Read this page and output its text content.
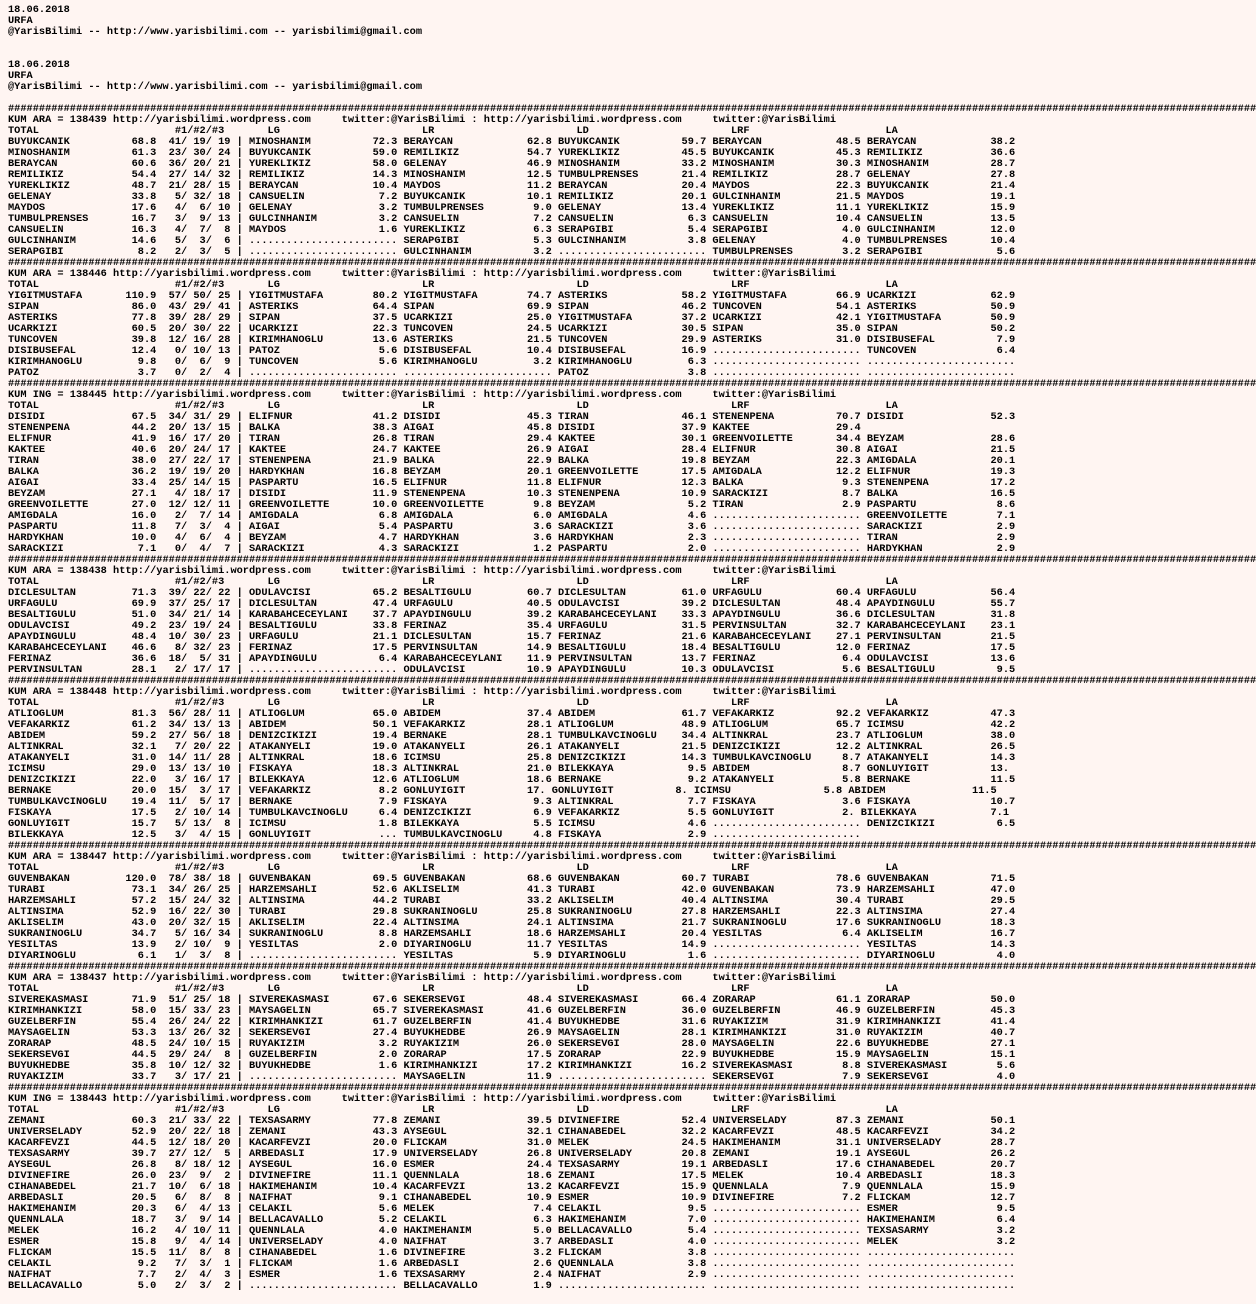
18.06.2018
URFA
@YarisBilimi -- http://www.yarisbilimi.com -- yarisbilimi@gmail.com
18.06.2018
URFA
@YarisBilimi -- http://www.yarisbilimi.com -- yarisbilimi@gmail.com
##########################################################################################################################################################################################################
KUM ARA = 138439 http://yarisbilimi.wordpress.com     twitter:@YarisBilimi : http://yarisbilimi.wordpress.com     twitter:@YarisBilimi
TOTAL                      #1/#2/#3       LG                       LR                       LD                       LRF                      LA
BUYUKCANIK          68.8  41/ 19/ 19 | MINOSHANIM          72.3 BERAYCAN            62.8 BUYUKCANIK          59.7 BERAYCAN            48.5 BERAYCAN            38.2
MINOSHANIM          61.3  23/ 30/ 24 | BUYUKCANIK          59.0 REMILIKIZ           54.7 YUREKLIKIZ          45.5 BUYUKCANIK          45.3 REMILIKIZ           36.6
BERAYCAN            60.6  36/ 20/ 21 | YUREKLIKIZ          58.0 GELENAY             46.9 MINOSHANIM          33.2 MINOSHANIM          30.3 MINOSHANIM          28.7
REMILIKIZ           54.4  27/ 14/ 32 | REMILIKIZ           14.3 MINOSHANIM          12.5 TUMBULPRENSES       21.4 REMILIKIZ           28.7 GELENAY             27.8
YUREKLIKIZ          48.7  21/ 28/ 15 | BERAYCAN            10.4 MAYDOS              11.2 BERAYCAN            20.4 MAYDOS              22.3 BUYUKCANIK          21.4
GELENAY             33.8   5/ 32/ 18 | CANSUELIN            7.2 BUYUKCANIK          10.1 REMILIKIZ           20.1 GULCINHANIM         21.5 MAYDOS              19.1
MAYDOS              17.6   4/  6/ 10 | GELENAY              3.2 TUMBULPRENSES        9.0 GELENAY             13.4 YUREKLIKIZ          11.1 YUREKLIKIZ          15.9
TUMBULPRENSES       16.7   3/  9/ 13 | GULCINHANIM          3.2 CANSUELIN            7.2 CANSUELIN            6.3 CANSUELIN           10.4 CANSUELIN           13.5
CANSUELIN           16.3   4/  7/  8 | MAYDOS               1.6 YUREKLIKIZ           6.3 SERAPGIBI            5.4 SERAPGIBI            4.0 GULCINHANIM         12.0
GULCINHANIM         14.6   5/  3/  6 | ........................ SERAPGIBI            5.3 GULCINHANIM          3.8 GELENAY              4.0 TUMBULPRENSES       10.4
SERAPGIBI            8.2   2/  3/  5 | ........................ GULCINHANIM          3.2 ........................ TUMBULPRENSES        3.2 SERAPGIBI            5.6
##########################################################################################################################################################################################################
KUM ARA = 138446 http://yarisbilimi.wordpress.com     twitter:@YarisBilimi : http://yarisbilimi.wordpress.com     twitter:@YarisBilimi
TOTAL                      #1/#2/#3       LG                       LR                       LD                       LRF                      LA
YIGITMUSTAFA       110.9  57/ 50/ 25 | YIGITMUSTAFA        80.2 YIGITMUSTAFA        74.7 ASTERIKS            58.2 YIGITMUSTAFA        66.9 UCARKIZI            62.9
SIPAN               86.0  43/ 29/ 41 | ASTERIKS            64.4 SIPAN               69.9 SIPAN               46.2 TUNCOVEN            54.1 ASTERIKS            50.9
ASTERIKS            77.8  39/ 28/ 29 | SIPAN               37.5 UCARKIZI            25.0 YIGITMUSTAFA        37.2 UCARKIZI            42.1 YIGITMUSTAFA        50.9
UCARKIZI            60.5  20/ 30/ 22 | UCARKIZI            22.3 TUNCOVEN            24.5 UCARKIZI            30.5 SIPAN               35.0 SIPAN               50.2
TUNCOVEN            39.8  12/ 16/ 28 | KIRIMHANOGLU        13.6 ASTERIKS            21.5 TUNCOVEN            29.9 ASTERIKS            31.0 DISIBUSEFAL          7.9
DISIBUSEFAL         12.4   0/ 10/ 13 | PATOZ                5.6 DISIBUSEFAL         10.4 DISIBUSEFAL         16.9 ........................ TUNCOVEN             6.4
KIRIMHANOGLU         9.8   0/  6/  9 | TUNCOVEN             5.6 KIRIMHANOGLU         3.2 KIRIMHANOGLU         6.3 ........................ ........................
PATOZ                3.7   0/  2/  4 | ........................ ........................ PATOZ                3.8 ........................ ........................
##########################################################################################################################################################################################################
KUM ING = 138445 http://yarisbilimi.wordpress.com     twitter:@YarisBilimi : http://yarisbilimi.wordpress.com     twitter:@YarisBilimi
TOTAL                      #1/#2/#3       LG                       LR                       LD                       LRF                      LA
DISIDI              67.5  34/ 31/ 29 | ELIFNUR             41.2 DISIDI              45.3 TIRAN               46.1 STENENPENA          70.7 DISIDI              52.3
STENENPENA          44.2  20/ 13/ 15 | BALKA               38.3 AIGAI               45.8 DISIDI              37.9 KAKTEE              29.4
ELIFNUR             41.9  16/ 17/ 20 | TIRAN               26.8 TIRAN               29.4 KAKTEE              30.1 GREENVOILETTE       34.4 BEYZAM              28.6
KAKTEE              40.6  20/ 24/ 17 | KAKTEE              24.7 KAKTEE              26.9 AIGAI               28.4 ELIFNUR             30.8 AIGAI               21.5
TIRAN               38.0  27/ 22/ 17 | STENENPENA          21.9 BALKA               22.9 BALKA               19.8 BEYZAM              22.3 AMIGDALA            20.1
BALKA               36.2  19/ 19/ 20 | HARDYKHAN           16.8 BEYZAM              20.1 GREENVOILETTE       17.5 AMIGDALA            12.2 ELIFNUR             19.3
AIGAI               33.4  25/ 14/ 15 | PASPARTU            16.5 ELIFNUR             11.8 ELIFNUR             12.3 BALKA                9.3 STENENPENA          17.2
BEYZAM              27.1   4/ 18/ 17 | DISIDI              11.9 STENENPENA          10.3 STENENPENA          10.9 SARACKIZI            8.7 BALKA               16.5
GREENVOILETTE       27.0  12/ 12/ 11 | GREENVOILETTE       10.0 GREENVOILETTE        9.8 BEYZAM               5.2 TIRAN                2.9 PASPARTU             8.6
AMIGDALA            16.0   2/  7/ 14 | AMIGDALA             6.8 AMIGDALA             6.0 AMIGDALA             4.6 ........................ GREENVOILETTE        7.1
PASPARTU            11.8   7/  3/  4 | AIGAI                5.4 PASPARTU             3.6 SARACKIZI            3.6 ........................ SARACKIZI            2.9
HARDYKHAN           10.0   4/  6/  4 | BEYZAM               4.7 HARDYKHAN            3.6 HARDYKHAN            2.3 ........................ TIRAN                2.9
SARACKIZI            7.1   0/  4/  7 | SARACKIZI            4.3 SARACKIZI            1.2 PASPARTU             2.0 ........................ HARDYKHAN            2.9
##########################################################################################################################################################################################################
KUM ARA = 138438 http://yarisbilimi.wordpress.com     twitter:@YarisBilimi : http://yarisbilimi.wordpress.com     twitter:@YarisBilimi
TOTAL                      #1/#2/#3       LG                       LR                       LD                       LRF                      LA
DICLESULTAN         71.3  39/ 22/ 22 | ODULAVCISI          65.2 BESALTIGULU         60.7 DICLESULTAN         61.0 URFAGULU            60.4 URFAGULU            56.4
URFAGULU            69.9  37/ 25/ 17 | DICLESULTAN         47.4 URFAGULU            40.5 ODULAVCISI          39.2 DICLESULTAN         48.4 APAYDINGULU         55.7
BESALTIGULU         51.0  34/ 21/ 14 | KARABAHCECEYLANI    37.7 APAYDINGULU         39.2 KARABAHCECEYLANI    33.3 APAYDINGULU         36.6 DICLESULTAN         31.8
ODULAVCISI          49.2  23/ 19/ 24 | BESALTIGULU         33.8 FERINAZ             35.4 URFAGULU            31.5 PERVINSULTAN        32.7 KARABAHCECEYLANI    23.1
APAYDINGULU         48.4  10/ 30/ 23 | URFAGULU            21.1 DICLESULTAN         15.7 FERINAZ             21.6 KARABAHCECEYLANI    27.1 PERVINSULTAN        21.5
KARABAHCECEYLANI    46.6   8/ 32/ 23 | FERINAZ             17.5 PERVINSULTAN        14.9 BESALTIGULU         18.4 BESALTIGULU         12.0 FERINAZ             17.5
FERINAZ             36.6  18/  5/ 31 | APAYDINGULU          6.4 KARABAHCECEYLANI    11.9 PERVINSULTAN        13.7 FERINAZ              6.4 ODULAVCISI          13.6
PERVINSULTAN        28.1   2/ 17/ 17 | ........................ ODULAVCISI          10.9 APAYDINGULU         10.3 ODULAVCISI           5.6 BESALTIGULU          9.5
##########################################################################################################################################################################################################
KUM ARA = 138448 http://yarisbilimi.wordpress.com     twitter:@YarisBilimi : http://yarisbilimi.wordpress.com     twitter:@YarisBilimi
TOTAL                      #1/#2/#3       LG                       LR                       LD                       LRF                      LA
ATLIOGLUM           81.3  56/ 28/ 11 | ATLIOGLUM           65.0 ABIDEM              37.4 ABIDEM              61.7 VEFAKARKIZ          92.2 VEFAKARKIZ          47.3
VEFAKARKIZ          61.2  34/ 13/ 13 | ABIDEM              50.1 VEFAKARKIZ          28.1 ATLIOGLUM           48.9 ATLIOGLUM           65.7 ICIMSU              42.2
ABIDEM              59.2  27/ 56/ 18 | DENIZCIKIZI         19.4 BERNAKE             28.1 TUMBULKAVCINOGLU    34.4 ALTINKRAL           23.7 ATLIOGLUM           38.0
ALTINKRAL           32.1   7/ 20/ 22 | ATAKANYELI          19.0 ATAKANYELI          26.1 ATAKANYELI          21.5 DENIZCIKIZI         12.2 ALTINKRAL           26.5
ATAKANYELI          31.0  14/ 11/ 28 | ALTINKRAL           18.6 ICIMSU              25.8 DENIZCIKIZI         14.3 TUMBULKAVCINOGLU     8.7 ATAKANYELI          14.3
ICIMSU              29.0  13/ 13/ 10 | FISKAYA             18.3 ALTINKRAL           21.0 BILEKKAYA            9.5 ABIDEM               8.7 GONLUYIGIT          13.
DENIZCIKIZI         22.0   3/ 16/ 17 | BILEKKAYA           12.6 ATLIOGLUM           18.6 BERNAKE              9.2 ATAKANYELI           5.8 BERNAKE             11.5
BERNAKE             20.0  15/  3/ 17 | VEFAKARKIZ           8.2 GONLUYIGIT          17. GONLUYIGIT          8. ICIMSU               5.8 ABIDEM              11.5
TUMBULKAVCINOGLU    19.4  11/  5/ 17 | BERNAKE              7.9 FISKAYA              9.3 ALTINKRAL            7.7 FISKAYA              3.6 FISKAYA             10.7
FISKAYA             17.5   2/ 10/ 14 | TUMBULKAVCINOGLU     6.4 DENIZCIKIZI          6.9 VEFAKARKIZ           5.5 GONLUYIGIT           2. BILEKKAYA            7.1
GONLUYIGIT          15.7   5/ 13/  8 | ICIMSU               1.8 BILEKKAYA            5.5 ICIMSU               4.6 ........................ DENIZCIKIZI          6.5
BILEKKAYA           12.5   3/  4/ 15 | GONLUYIGIT           ... TUMBULKAVCINOGLU     4.8 FISKAYA              2.9 ........................
##########################################################################################################################################################################################################
KUM ARA = 138447 http://yarisbilimi.wordpress.com     twitter:@YarisBilimi : http://yarisbilimi.wordpress.com     twitter:@YarisBilimi
TOTAL                      #1/#2/#3       LG                       LR                       LD                       LRF                      LA
GUVENBAKAN         120.0  78/ 38/ 18 | GUVENBAKAN          69.5 GUVENBAKAN          68.6 GUVENBAKAN          60.7 TURABI              78.6 GUVENBAKAN          71.5
TURABI              73.1  34/ 26/ 25 | HARZEMSAHLI         52.6 AKLISELIM           41.3 TURABI              42.0 GUVENBAKAN          73.9 HARZEMSAHLI         47.0
HARZEMSAHLI         57.2  15/ 24/ 32 | ALTINSIMA           44.2 TURABI              33.2 AKLISELIM           40.4 ALTINSIMA           30.4 TURABI              29.5
ALTINSIMA           52.9  16/ 22/ 30 | TURABI              29.8 SUKRANINOGLU        25.8 SUKRANINOGLU        27.8 HARZEMSAHLI         22.3 ALTINSIMA           27.4
AKLISELIM           43.0  20/ 32/ 15 | AKLISELIM           22.4 ALTINSIMA           24.1 ALTINSIMA           21.7 SUKRANINOGLU        17.6 SUKRANINOGLU        18.3
SUKRANINOGLU        34.7   5/ 16/ 34 | SUKRANINOGLU         8.8 HARZEMSAHLI         18.6 HARZEMSAHLI         20.4 YESILTAS             6.4 AKLISELIM           16.7
YESILTAS            13.9   2/ 10/  9 | YESILTAS             2.0 DIYARINOGLU         11.7 YESILTAS            14.9 ........................ YESILTAS            14.3
DIYARINOGLU          6.1   1/  3/  8 | ........................ YESILTAS             5.9 DIYARINOGLU          1.6 ........................ DIYARINOGLU          4.0
##########################################################################################################################################################################################################
KUM ARA = 138437 http://yarisbilimi.wordpress.com     twitter:@YarisBilimi : http://yarisbilimi.wordpress.com     twitter:@YarisBilimi
TOTAL                      #1/#2/#3       LG                       LR                       LD                       LRF                      LA
SIVEREKASMASI       71.9  51/ 25/ 18 | SIVEREKASMASI       67.6 SEKERSEVGI          48.4 SIVEREKASMASI       66.4 ZORARAP             61.1 ZORARAP             50.0
KIRIMHANKIZI        58.0  15/ 33/ 23 | MAYSAGELIN          65.7 SIVEREKASMASI       41.6 GUZELBERFIN         36.0 GUZELBERFIN         46.9 GUZELBERFIN         45.3
GUZELBERFIN         55.4  26/ 24/ 22 | KIRIMHANKIZI        61.7 GUZELBERFIN         41.4 BUYUKHEDBE          31.6 RUYAKIZIM           31.9 KIRIMHANKIZI        41.4
MAYSAGELIN          53.3  13/ 26/ 32 | SEKERSEVGI          27.4 BUYUKHEDBE          26.9 MAYSAGELIN          28.1 KIRIMHANKIZI        31.0 RUYAKIZIM           40.7
ZORARAP             48.5  24/ 10/ 15 | RUYAKIZIM            3.2 RUYAKIZIM           26.0 SEKERSEVGI          28.0 MAYSAGELIN          22.6 BUYUKHEDBE          27.1
SEKERSEVGI          44.5  29/ 24/  8 | GUZELBERFIN          2.0 ZORARAP             17.5 ZORARAP             22.9 BUYUKHEDBE          15.9 MAYSAGELIN          15.1
BUYUKHEDBE          35.8  10/ 12/ 32 | BUYUKHEDBE           1.6 KIRIMHANKIZI        17.2 KIRIMHANKIZI        16.2 SIVEREKASMASI        8.8 SIVEREKASMASI        5.6
RUYAKIZIM           33.7   3/ 17/ 21 | ........................ MAYSAGELIN          11.9 ........................ SEKERSEVGI           7.9 SEKERSEVGI           4.0
##########################################################################################################################################################################################################
KUM ING = 138443 http://yarisbilimi.wordpress.com     twitter:@YarisBilimi : http://yarisbilimi.wordpress.com     twitter:@YarisBilimi
TOTAL                      #1/#2/#3       LG                       LR                       LD                       LRF                      LA
ZEMANI              60.3  21/ 33/ 22 | TEXSASARMY          77.8 ZEMANI              39.5 DIVINEFIRE          52.4 UNIVERSELADY        87.3 ZEMANI              50.1
UNIVERSELADY        52.9  20/ 22/ 18 | ZEMANI              43.3 AYSEGUL             32.1 CIHANABEDEL         32.2 KACARFEVZI          48.5 KACARFEVZI          34.2
KACARFEVZI          44.5  12/ 18/ 20 | KACARFEVZI          20.0 FLICKAM             31.0 MELEK               24.5 HAKIMEHANIM         31.1 UNIVERSELADY        28.7
TEXSASARMY          39.7  27/ 12/  5 | ARBEDASLI           17.9 UNIVERSELADY        26.8 UNIVERSELADY        20.8 ZEMANI              19.1 AYSEGUL             26.2
AYSEGUL             26.8   8/ 18/ 12 | AYSEGUL             16.0 ESMER               24.4 TEXSASARMY          19.1 ARBEDASLI           17.6 CIHANABEDEL         20.7
DIVINEFIRE          26.0  23/  9/  2 | DIVINEFIRE          11.1 QUENNLALA           18.6 ZEMANI              17.5 MELEK               10.4 ARBEDASLI           18.3
CIHANABEDEL         21.7  10/  6/ 18 | HAKIMEHANIM         10.4 KACARFEVZI          13.2 KACARFEVZI          15.9 QUENNLALA            7.9 QUENNLALA           15.9
ARBEDASLI           20.5   6/  8/  8 | NAIFHAT              9.1 CIHANABEDEL         10.9 ESMER               10.9 DIVINEFIRE           7.2 FLICKAM             12.7
HAKIMEHANIM         20.3   6/  4/ 13 | CELAKIL              5.6 MELEK                7.4 CELAKIL              9.5 ........................ ESMER                9.5
QUENNLALA           18.7   3/  9/ 14 | BELLACAVALLO         5.2 CELAKIL              6.3 HAKIMEHANIM          7.0 ........................ HAKIMEHANIM          6.4
MELEK               16.2   4/ 10/ 11 | QUENNLALA            4.0 HAKIMEHANIM          5.0 BELLACAVALLO         5.4 ........................ TEXSASARMY           3.2
ESMER               15.8   9/  4/ 14 | UNIVERSELADY         4.0 NAIFHAT              3.7 ARBEDASLI            4.0 ........................ MELEK                3.2
FLICKAM             15.5  11/  8/  8 | CIHANABEDEL          1.6 DIVINEFIRE           3.2 FLICKAM              3.8 ........................ ........................
CELAKIL              9.2   7/  3/  1 | FLICKAM              1.6 ARBEDASLI            2.6 QUENNLALA            3.8 ........................ ........................
NAIFHAT              7.7   2/  4/  3 | ESMER                1.6 TEXSASARMY           2.4 NAIFHAT              2.9 ........................ ........................
BELLACAVALLO         5.0   2/  3/  2 | ........................ BELLACAVALLO         1.9 ........................ ........................ ........................
